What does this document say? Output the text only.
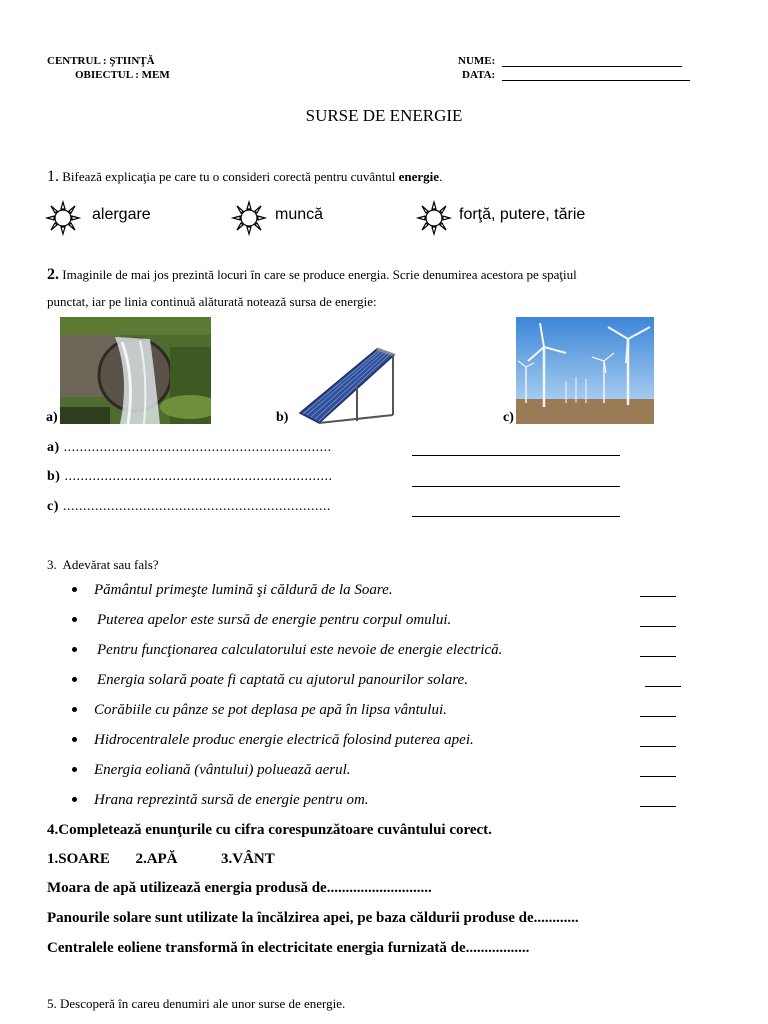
CENTRUL : ŞTIINŢĂ
OBIECTUL : MEM
NUME:
DATA:
SURSE DE ENERGIE
1. Bifează explicaţia pe care tu o consideri corectă pentru cuvântul energie.
alergare	muncă	forţă, putere, tărie
2. Imaginile de mai jos prezintă locuri în care se produce energia. Scrie denumirea acestora pe spaţiul
punctat, iar pe linia continuă alăturată notează sursa de energie:
a)	b)	c)
a) ...................................................................
b) ...................................................................
c) ...................................................................
3. Adevărat sau fals?
Pământul primeşte lumină şi căldură de la Soare.
Puterea apelor este sursă de energie pentru corpul omului.
Pentru funcţionarea calculatorului este nevoie de energie electrică.
Energia solară poate fi captată cu ajutorul panourilor solare.
Corăbiile cu pânze se pot deplasa pe apă în lipsa vântului.
Hidrocentralele produc energie electrică folosind puterea apei.
Energia eoliană (vântului) poluează aerul.
Hrana reprezintă sursă de energie pentru om.
4.Completează enunţurile cu cifra corespunzătoare cuvântului corect.
1.SOARE 2.APĂ	3.VÂNT
Moara de apă utilizează energia produsă de............................
Panourile solare sunt utilizate la încălzirea apei, pe baza căldurii produse de............
Centralele eoliene transformă în electricitate energia furnizată de.................
5. Descoperă în careu denumiri ale unor surse de energie.
